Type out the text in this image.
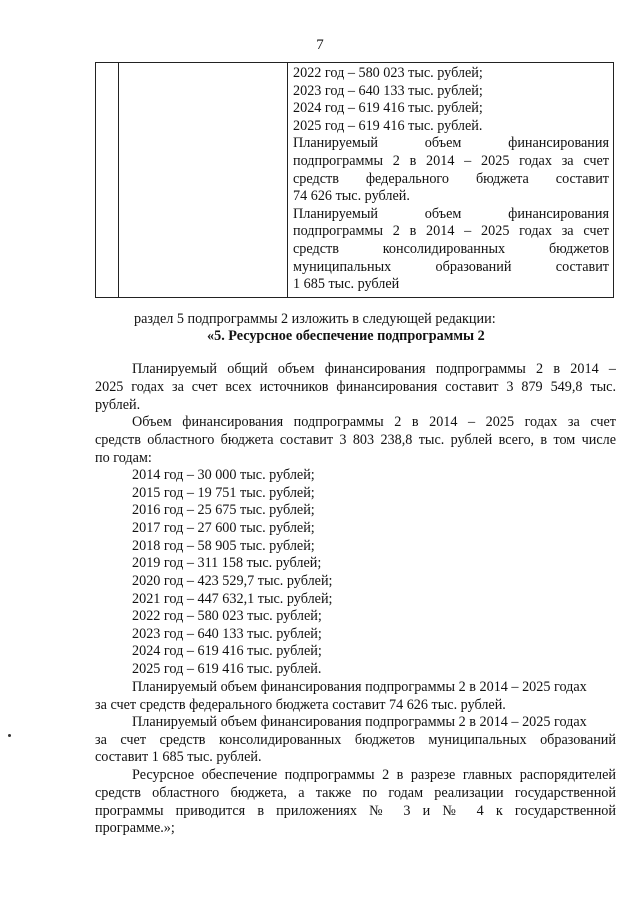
7

2022 год – 580 023 тыс. рублей;
2023 год – 640 133 тыс. рублей;
2024 год – 619 416 тыс. рублей;
2025 год – 619 416 тыс. рублей.
Планируемый объем финансирования
подпрограммы 2 в 2014 – 2025 годах за счет
средств федерального бюджета составит
74 626 тыс. рублей.
Планируемый объем финансирования
подпрограммы 2 в 2014 – 2025 годах за счет
средств консолидированных бюджетов
муниципальных образований составит
1 685 тыс. рублей
раздел 5 подпрограммы 2 изложить в следующей редакции:
«5. Ресурсное обеспечение подпрограммы 2
Планируемый общий объем финансирования подпрограммы 2 в 2014 –
2025 годах за счет всех источников финансирования составит 3 879 549,8 тыс.
рублей.
Объем финансирования подпрограммы 2 в 2014 – 2025 годах за счет
средств областного бюджета составит 3 803 238,8 тыс. рублей всего, в том числе
по годам:
2014 год – 30 000 тыс. рублей;
2015 год – 19 751 тыс. рублей;
2016 год – 25 675 тыс. рублей;
2017 год – 27 600 тыс. рублей;
2018 год – 58 905 тыс. рублей;
2019 год – 311 158 тыс. рублей;
2020 год – 423 529,7 тыс. рублей;
2021 год – 447 632,1 тыс. рублей;
2022 год – 580 023 тыс. рублей;
2023 год – 640 133 тыс. рублей;
2024 год – 619 416 тыс. рублей;
2025 год – 619 416 тыс. рублей.
Планируемый объем финансирования подпрограммы 2 в 2014 – 2025 годах
за счет средств федерального бюджета составит 74 626 тыс. рублей.
Планируемый объем финансирования подпрограммы 2 в 2014 – 2025 годах
за счет средств консолидированных бюджетов муниципальных образований
составит 1 685 тыс. рублей.
Ресурсное обеспечение подпрограммы 2 в разрезе главных распорядителей
средств областного бюджета, а также по годам реализации государственной
программы приводится в приложениях № 3 и № 4 к государственной
программе.»;
